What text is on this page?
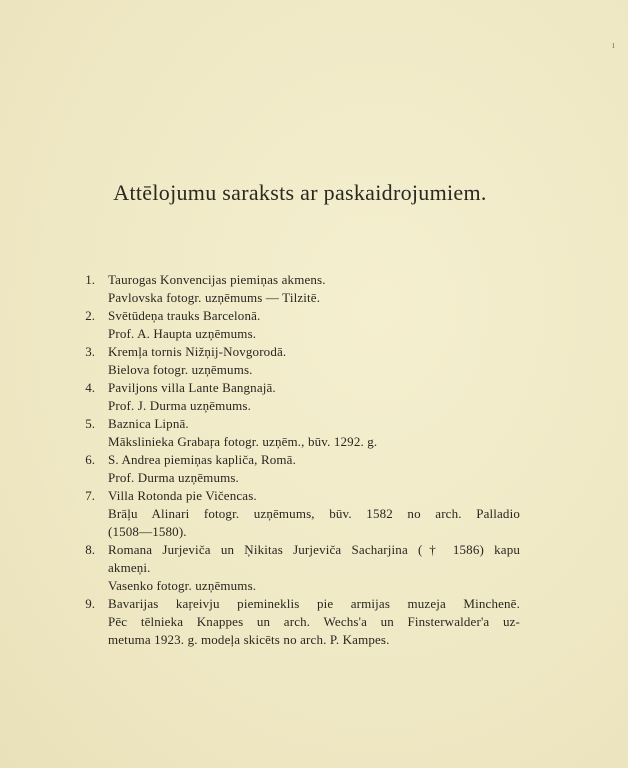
Attēlojumu saraksts ar paskaidrojumiem.
1.	Taurogas Konvencijas piemiņas akmens.
Pavlovska fotogr. uzņēmums — Tilzitē.
2.	Svētūdeņa trauks Barcelonā.
Prof. A. Haupta uzņēmums.
3.	Kremļa tornis Nižņij-Novgorodā.
Bielova fotogr. uzņēmums.
4.	Paviljons villa Lante Bangnajā.
Prof. J. Durma uzņēmums.
5.	Baznica Lipnā.
Mākslinieka Grabaŗa fotogr. uzņēm., būv. 1292. g.
6.	S. Andrea piemiņas kapliča, Romā.
Prof. Durma uzņēmums.
7.	Villa Rotonda pie Vičencas.
Brāļu Alinari fotogr. uzņēmums, būv. 1582 no arch. Palladio
(1508—1580).
8.	Romana Jurjeviča un Ņikitas Jurjeviča Sacharjina († 1586) kapu
akmeņi.
Vasenko fotogr. uzņēmums.
9.	Bavarijas kaŗeivju piemineklis pie armijas muzeja Minchenē.
Pēc tēlnieka Knappes un arch. Wechs'a un Finsterwalder'a uz-
metuma 1923. g. modeļa skicēts no arch. P. Kampes.
ı
